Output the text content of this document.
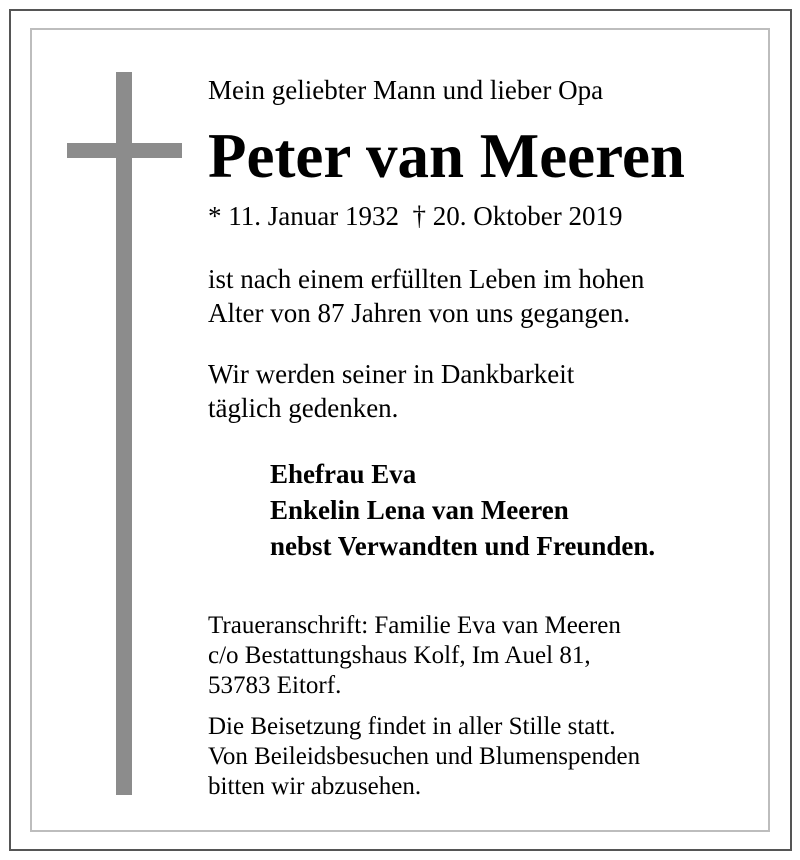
Mein geliebter Mann und lieber Opa

Peter van Meeren

* 11. Januar 1932 † 20. Oktober 2019

ist nach einem erfüllten Leben im hohen
Alter von 87 Jahren von uns gegangen.

Wir werden seiner in Dankbarkeit
täglich gedenken.

Ehefrau Eva
Enkelin Lena van Meeren
nebst Verwandten und Freunden.

Traueranschrift: Familie Eva van Meeren
c/o Bestattungshaus Kolf, Im Auel 81,
53783 Eitorf.

Die Beisetzung findet in aller Stille statt.
Von Beileidsbesuchen und Blumenspenden
bitten wir abzusehen.
